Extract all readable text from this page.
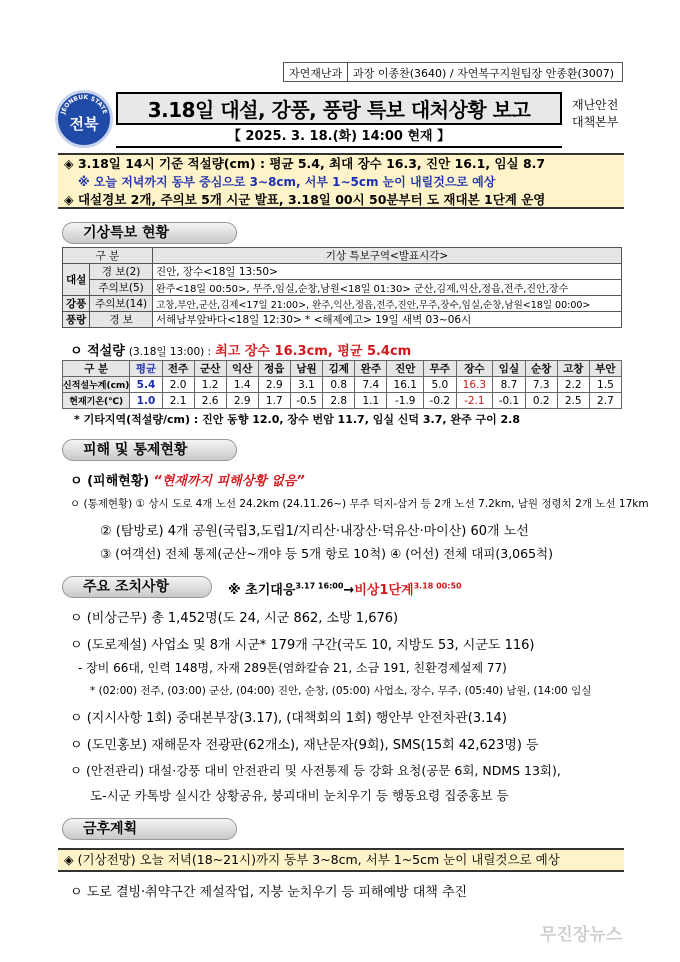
자연재난과	과장 이종찬(3640) / 자연복구지원팀장 안종환(3007)
JEONBUK STATE
전북
3.18일 대설, 강풍, 풍랑 특보 대처상황 보고
【 2025. 3. 18.(화) 14:00 현재 】
재난안전
대책본부
◈ 3.18일 14시 기준 적설량(cm) : 평균 5.4, 최대 장수 16.3, 진안 16.1, 임실 8.7
※ 오늘 저녁까지 동부 중심으로 3∼8cm, 서부 1∼5cm 눈이 내릴것으로 예상
◈ 대설경보 2개, 주의보 5개 시군 발표, 3.18일 00시 50분부터 도 재대본 1단계 운영
기상특보 현황
구 분		기상 특보구역<발표시각>
대설	경 보(2)	진안, 장수<18일 13:50>
	주의보(5)	완주<18일 00:50>, 무주,임실,순창,남원<18일 01:30> 군산,김제,익산,정읍,전주,진안,장수
강풍	주의보(14)	고창,부안,군산,김제<17일 21:00>, 완주,익산,정읍,전주,진안,무주,장수,임실,순창,남원<18일 00:00>
풍랑	경 보	서해남부앞바다<18일 12:30> * <해제예고> 19일 새벽 03~06시
ㅇ 적설량 (3.18일 13:00) : 최고 장수 16.3cm, 평균 5.4cm
구 분	평균	전주	군산	익산	정읍	남원	김제	완주	진안	무주	장수	임실	순창	고창	부안
신적설누계(cm)	5.4	2.0	1.2	1.4	2.9	3.1	0.8	7.4	16.1	5.0	16.3	8.7	7.3	2.2	1.5
현재기온(℃)	1.0	2.1	2.6	2.9	1.7	-0.5	2.8	1.1	-1.9	-0.2	-2.1	-0.1	0.2	2.5	2.7
* 기타지역(적설량/cm) : 진안 동향 12.0, 장수 번암 11.7, 임실 신덕 3.7, 완주 구이 2.8
피해 및 통제현황
ㅇ (피해현황) “현재까지 피해상황 없음”
ㅇ (통제현황) ① 상시 도로 4개 노선 24.2km (24.11.26~) 무주 덕지-삼거 등 2개 노선 7.2km, 남원 정령치 2개 노선 17km
② (탐방로) 4개 공원(국립3,도립1/지리산·내장산·덕유산·마이산) 60개 노선
③ (여객선) 전체 통제(군산~개야 등 5개 항로 10척) ④ (어선) 전체 대피(3,065척)
주요 조치사항	※ 초기대응$^{3.17 16:00}$→비상1단계$^{3.18 00:50}$
ㅇ (비상근무) 총 1,452명(도 24, 시군 862, 소방 1,676)
ㅇ (도로제설) 사업소 및 8개 시군* 179개 구간(국도 10, 지방도 53, 시군도 116)
- 장비 66대, 인력 148명, 자재 289톤(염화칼슘 21, 소금 191, 친환경제설제 77)
* (02:00) 전주, (03:00) 군산, (04:00) 진안, 순창, (05:00) 사업소, 장수, 무주, (05:40) 남원, (14:00 임실
ㅇ (지시사항 1회) 중대본부장(3.17), (대책회의 1회) 행안부 안전차관(3.14)
ㅇ (도민홍보) 재해문자 전광판(62개소), 재난문자(9회), SMS(15회 42,623명) 등
ㅇ (안전관리) 대설·강풍 대비 안전관리 및 사전통제 등 강화 요청(공문 6회, NDMS 13회),
도-시군 카톡방 실시간 상황공유, 붕괴대비 눈치우기 등 행동요령 집중홍보 등
금후계획
◈ (기상전망) 오늘 저녁(18~21시)까지 동부 3~8cm, 서부 1~5cm 눈이 내릴것으로 예상
ㅇ 도로 결빙·취약구간 제설작업, 지붕 눈치우기 등 피해예방 대책 추진
무진장뉴스
